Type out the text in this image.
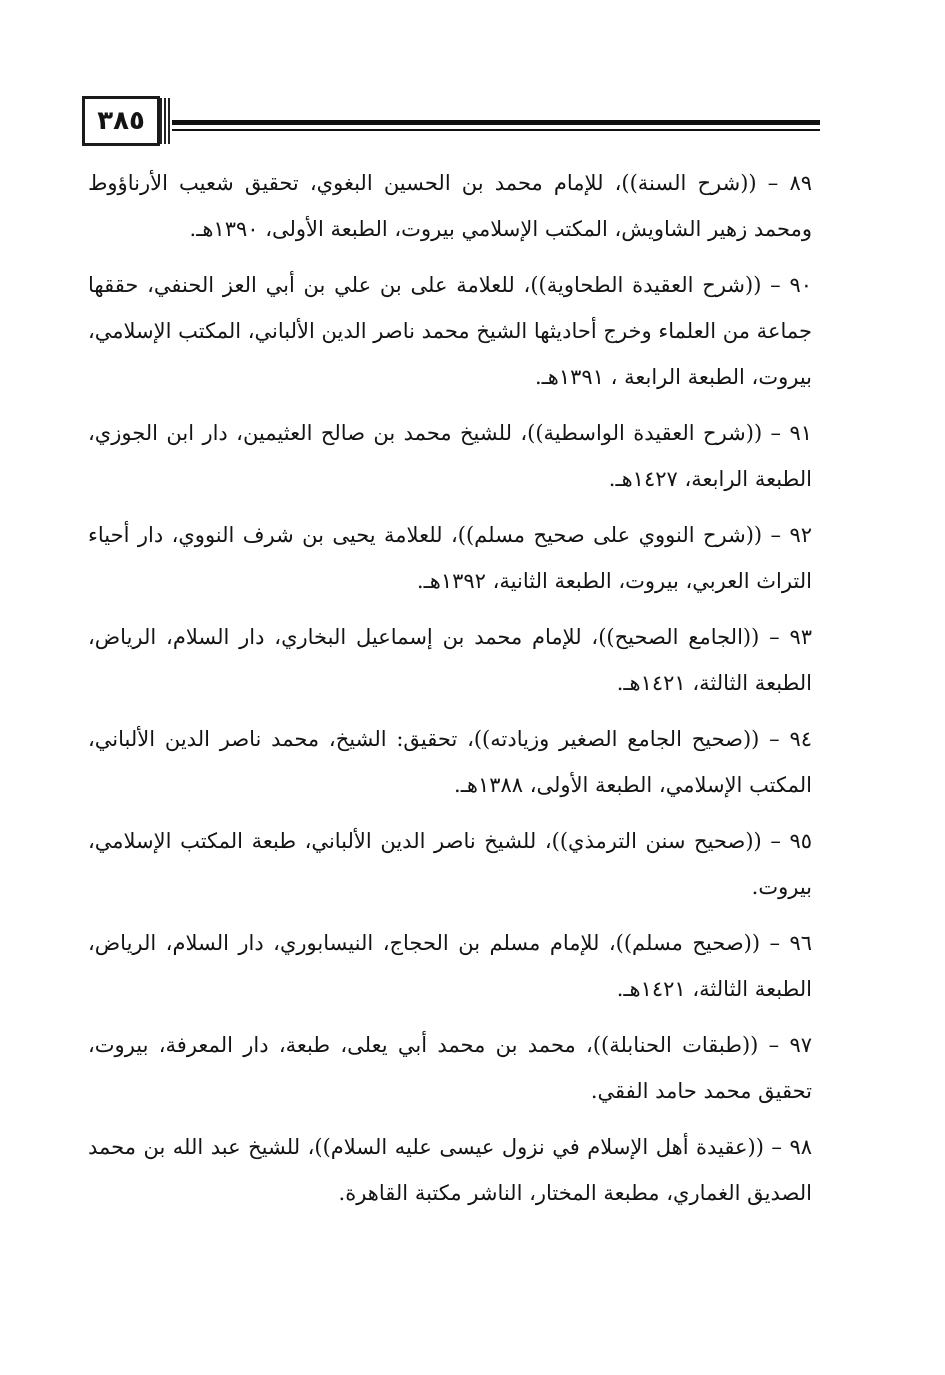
٣٨٥

٨٩ – ((شرح السنة))، للإمام محمد بن الحسين البغوي، تحقيق شعيب الأرناؤوط ومحمد زهير الشاويش، المكتب الإسلامي بيروت، الطبعة الأولى، ١٣٩٠هـ.

٩٠ – ((شرح العقيدة الطحاوية))، للعلامة على بن علي بن أبي العز الحنفي، حققها جماعة من العلماء وخرج أحاديثها الشيخ محمد ناصر الدين الألباني، المكتب الإسلامي، بيروت، الطبعة الرابعة ، ١٣٩١هـ.

٩١ – ((شرح العقيدة الواسطية))، للشيخ محمد بن صالح العثيمين، دار ابن الجوزي، الطبعة الرابعة، ١٤٢٧هـ.

٩٢ – ((شرح النووي على صحيح مسلم))، للعلامة يحيى بن شرف النووي، دار أحياء التراث العربي، بيروت، الطبعة الثانية، ١٣٩٢هـ.

٩٣ – ((الجامع الصحيح))، للإمام محمد بن إسماعيل البخاري، دار السلام، الرياض، الطبعة الثالثة، ١٤٢١هـ.

٩٤ – ((صحيح الجامع الصغير وزيادته))، تحقيق: الشيخ، محمد ناصر الدين الألباني، المكتب الإسلامي، الطبعة الأولى، ١٣٨٨هـ.

٩٥ – ((صحيح سنن الترمذي))، للشيخ ناصر الدين الألباني، طبعة المكتب الإسلامي، بيروت.

٩٦ – ((صحيح مسلم))، للإمام مسلم بن الحجاج، النيسابوري، دار السلام، الرياض، الطبعة الثالثة، ١٤٢١هـ.

٩٧ – ((طبقات الحنابلة))، محمد بن محمد أبي يعلى، طبعة، دار المعرفة، بيروت، تحقيق محمد حامد الفقي.

٩٨ – ((عقيدة أهل الإسلام في نزول عيسى عليه السلام))، للشيخ عبد الله بن محمد الصديق الغماري، مطبعة المختار، الناشر مكتبة القاهرة.
